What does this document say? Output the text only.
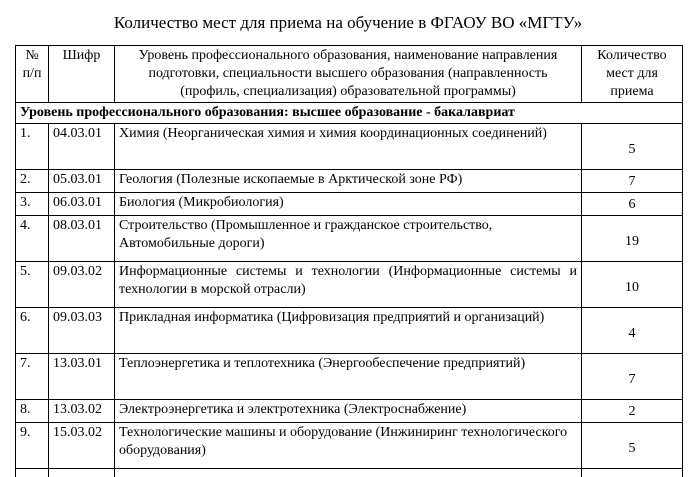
Количество мест для приема на обучение в ФГАОУ ВО «МГТУ»
№ п/п	Шифр	Уровень профессионального образования, наименование направления подготовки, специальности высшего образования (направленность (профиль, специализация) образовательной программы)	Количество мест для приема
Уровень профессионального образования: высшее образование - бакалавриат			
1.	04.03.01	Химия (Неорганическая химия и химия координационных соединений)	5
2.	05.03.01	Геология (Полезные ископаемые в Арктической зоне РФ)	7
3.	06.03.01	Биология (Микробиология)	6
4.	08.03.01	Строительство (Промышленное и гражданское строительство, Автомобильные дороги)	19
5.	09.03.02	Информационные системы и технологии (Информационные системы и технологии в морской отрасли)	10
6.	09.03.03	Прикладная информатика (Цифровизация предприятий и организаций)	4
7.	13.03.01	Теплоэнергетика и теплотехника (Энергообеспечение предприятий)	7
8.	13.03.02	Электроэнергетика и электротехника (Электроснабжение)	2
9.	15.03.02	Технологические машины и оборудование (Инжиниринг технологического оборудования)	5
